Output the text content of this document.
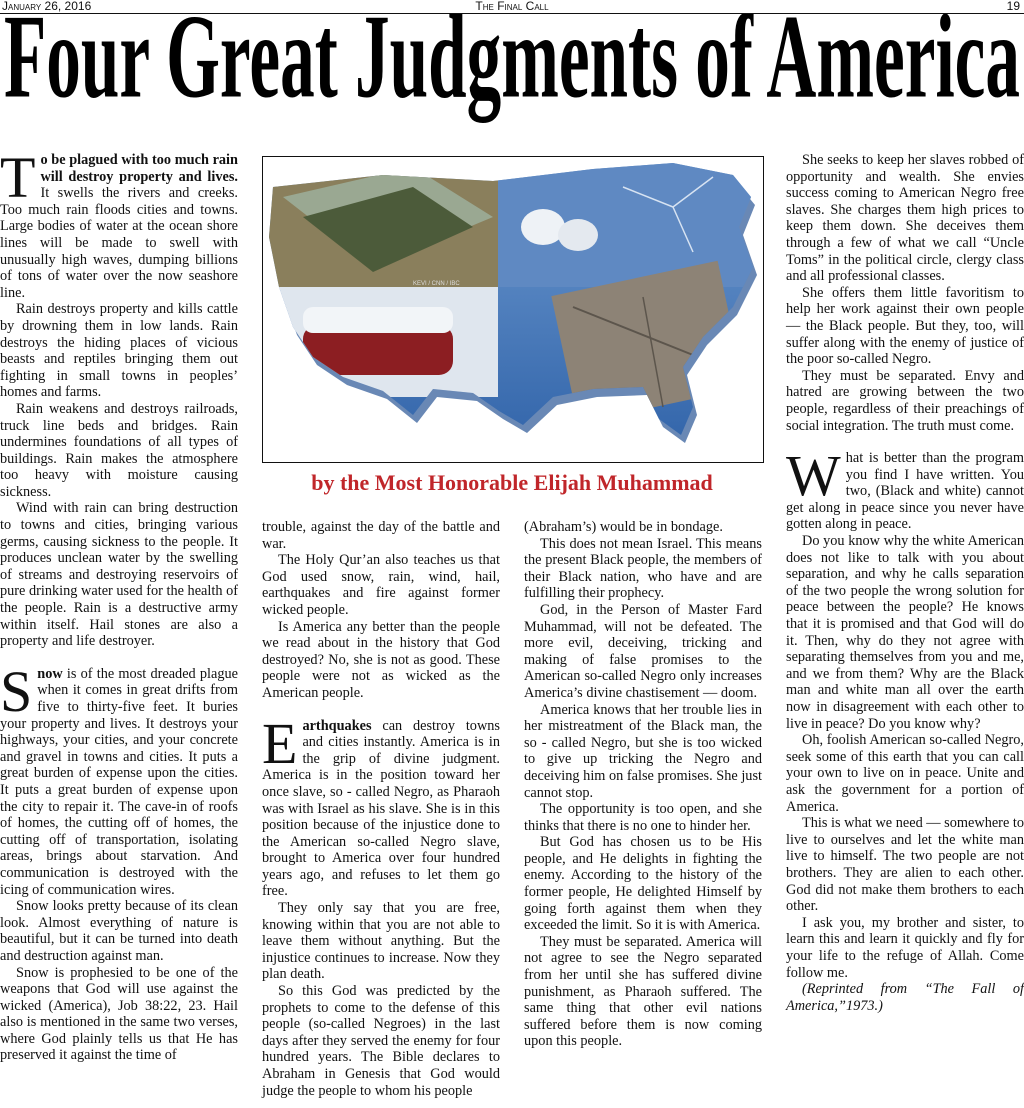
January 26, 2016	The Final Call	19
Four Great Judgments of America

To be plagued with too much rain will destroy property and lives. It swells the rivers and creeks. Too much rain floods cities and towns. Large bodies of water at the ocean shore lines will be made to swell with unusually high waves, dumping billions of tons of water over the now seashore line.

Rain destroys property and kills cattle by drowning them in low lands. Rain destroys the hiding places of vicious beasts and reptiles bringing them out fighting in small towns in peoples’ homes and farms.

Rain weakens and destroys railroads, truck line beds and bridges. Rain undermines foundations of all types of buildings. Rain makes the atmosphere too heavy with moisture causing sickness.

Wind with rain can bring destruction to towns and cities, bringing various germs, causing sickness to the people. It produces unclean water by the swelling of streams and destroying reservoirs of pure drinking water used for the health of the people. Rain is a destructive army within itself. Hail stones are also a property and life destroyer.

Snow is of the most dreaded plague when it comes in great drifts from five to thirty-five feet. It buries your property and lives. It destroys your highways, your cities, and your concrete and gravel in towns and cities. It puts a great burden of expense upon the cities. It puts a great burden of expense upon the city to repair it. The cave-in of roofs of homes, the cutting off of homes, the cutting off of transportation, isolating areas, brings about starvation. And communication is destroyed with the icing of communication wires.

Snow looks pretty because of its clean look. Almost everything of nature is beautiful, but it can be turned into death and destruction against man.

Snow is prophesied to be one of the weapons that God will use against the wicked (America), Job 38:22, 23. Hail also is mentioned in the same two verses, where God plainly tells us that He has preserved it against the time of

KEVI / CNN / IBC
by the Most Honorable Elijah Muhammad

trouble, against the day of the battle and war.

The Holy Qur’an also teaches us that God used snow, rain, wind, hail, earthquakes and fire against former wicked people.

Is America any better than the people we read about in the history that God destroyed? No, she is not as good. These people were not as wicked as the American people.

Earthquakes can destroy towns and cities instantly. America is in the grip of divine judgment. America is in the position toward her once slave, so - called Negro, as Pharaoh was with Israel as his slave. She is in this position because of the injustice done to the American so-called Negro slave, brought to America over four hundred years ago, and refuses to let them go free.

They only say that you are free, knowing within that you are not able to leave them without anything. But the injustice continues to increase. Now they plan death.

So this God was predicted by the prophets to come to the defense of this people (so-called Negroes) in the last days after they served the enemy for four hundred years. The Bible declares to Abraham in Genesis that God would judge the people to whom his people

(Abraham’s) would be in bondage.

This does not mean Israel. This means the present Black people, the members of their Black nation, who have and are fulfilling their prophecy.

God, in the Person of Master Fard Muhammad, will not be defeated. The more evil, deceiving, tricking and making of false promises to the American so-called Negro only increases America’s divine chastisement — doom.

America knows that her trouble lies in her mistreatment of the Black man, the so - called Negro, but she is too wicked to give up tricking the Negro and deceiving him on false promises. She just cannot stop.

The opportunity is too open, and she thinks that there is no one to hinder her.

But God has chosen us to be His people, and He delights in fighting the enemy. According to the history of the former people, He delighted Himself by going forth against them when they exceeded the limit. So it is with America.

They must be separated. America will not agree to see the Negro separated from her until she has suffered divine punishment, as Pharaoh suffered. The same thing that other evil nations suffered before them is now coming upon this people.

She seeks to keep her slaves robbed of opportunity and wealth. She envies success coming to American Negro free slaves. She charges them high prices to keep them down. She deceives them through a few of what we call “Uncle Toms” in the political circle, clergy class and all professional classes.

She offers them little favoritism to help her work against their own people — the Black people. But they, too, will suffer along with the enemy of justice of the poor so-called Negro.

They must be separated. Envy and hatred are growing between the two people, regardless of their preachings of social integration. The truth must come.

What is better than the program you find I have written. You two, (Black and white) cannot get along in peace since you never have gotten along in peace.

Do you know why the white American does not like to talk with you about separation, and why he calls separation of the two people the wrong solution for peace between the people? He knows that it is promised and that God will do it. Then, why do they not agree with separating themselves from you and me, and we from them? Why are the Black man and white man all over the earth now in disagreement with each other to live in peace? Do you know why?

Oh, foolish American so-called Negro, seek some of this earth that you can call your own to live on in peace. Unite and ask the government for a portion of America.

This is what we need — somewhere to live to ourselves and let the white man live to himself. The two people are not brothers. They are alien to each other. God did not make them brothers to each other.

I ask you, my brother and sister, to learn this and learn it quickly and fly for your life to the refuge of Allah. Come follow me.

(Reprinted from “The Fall of America,”1973.)
